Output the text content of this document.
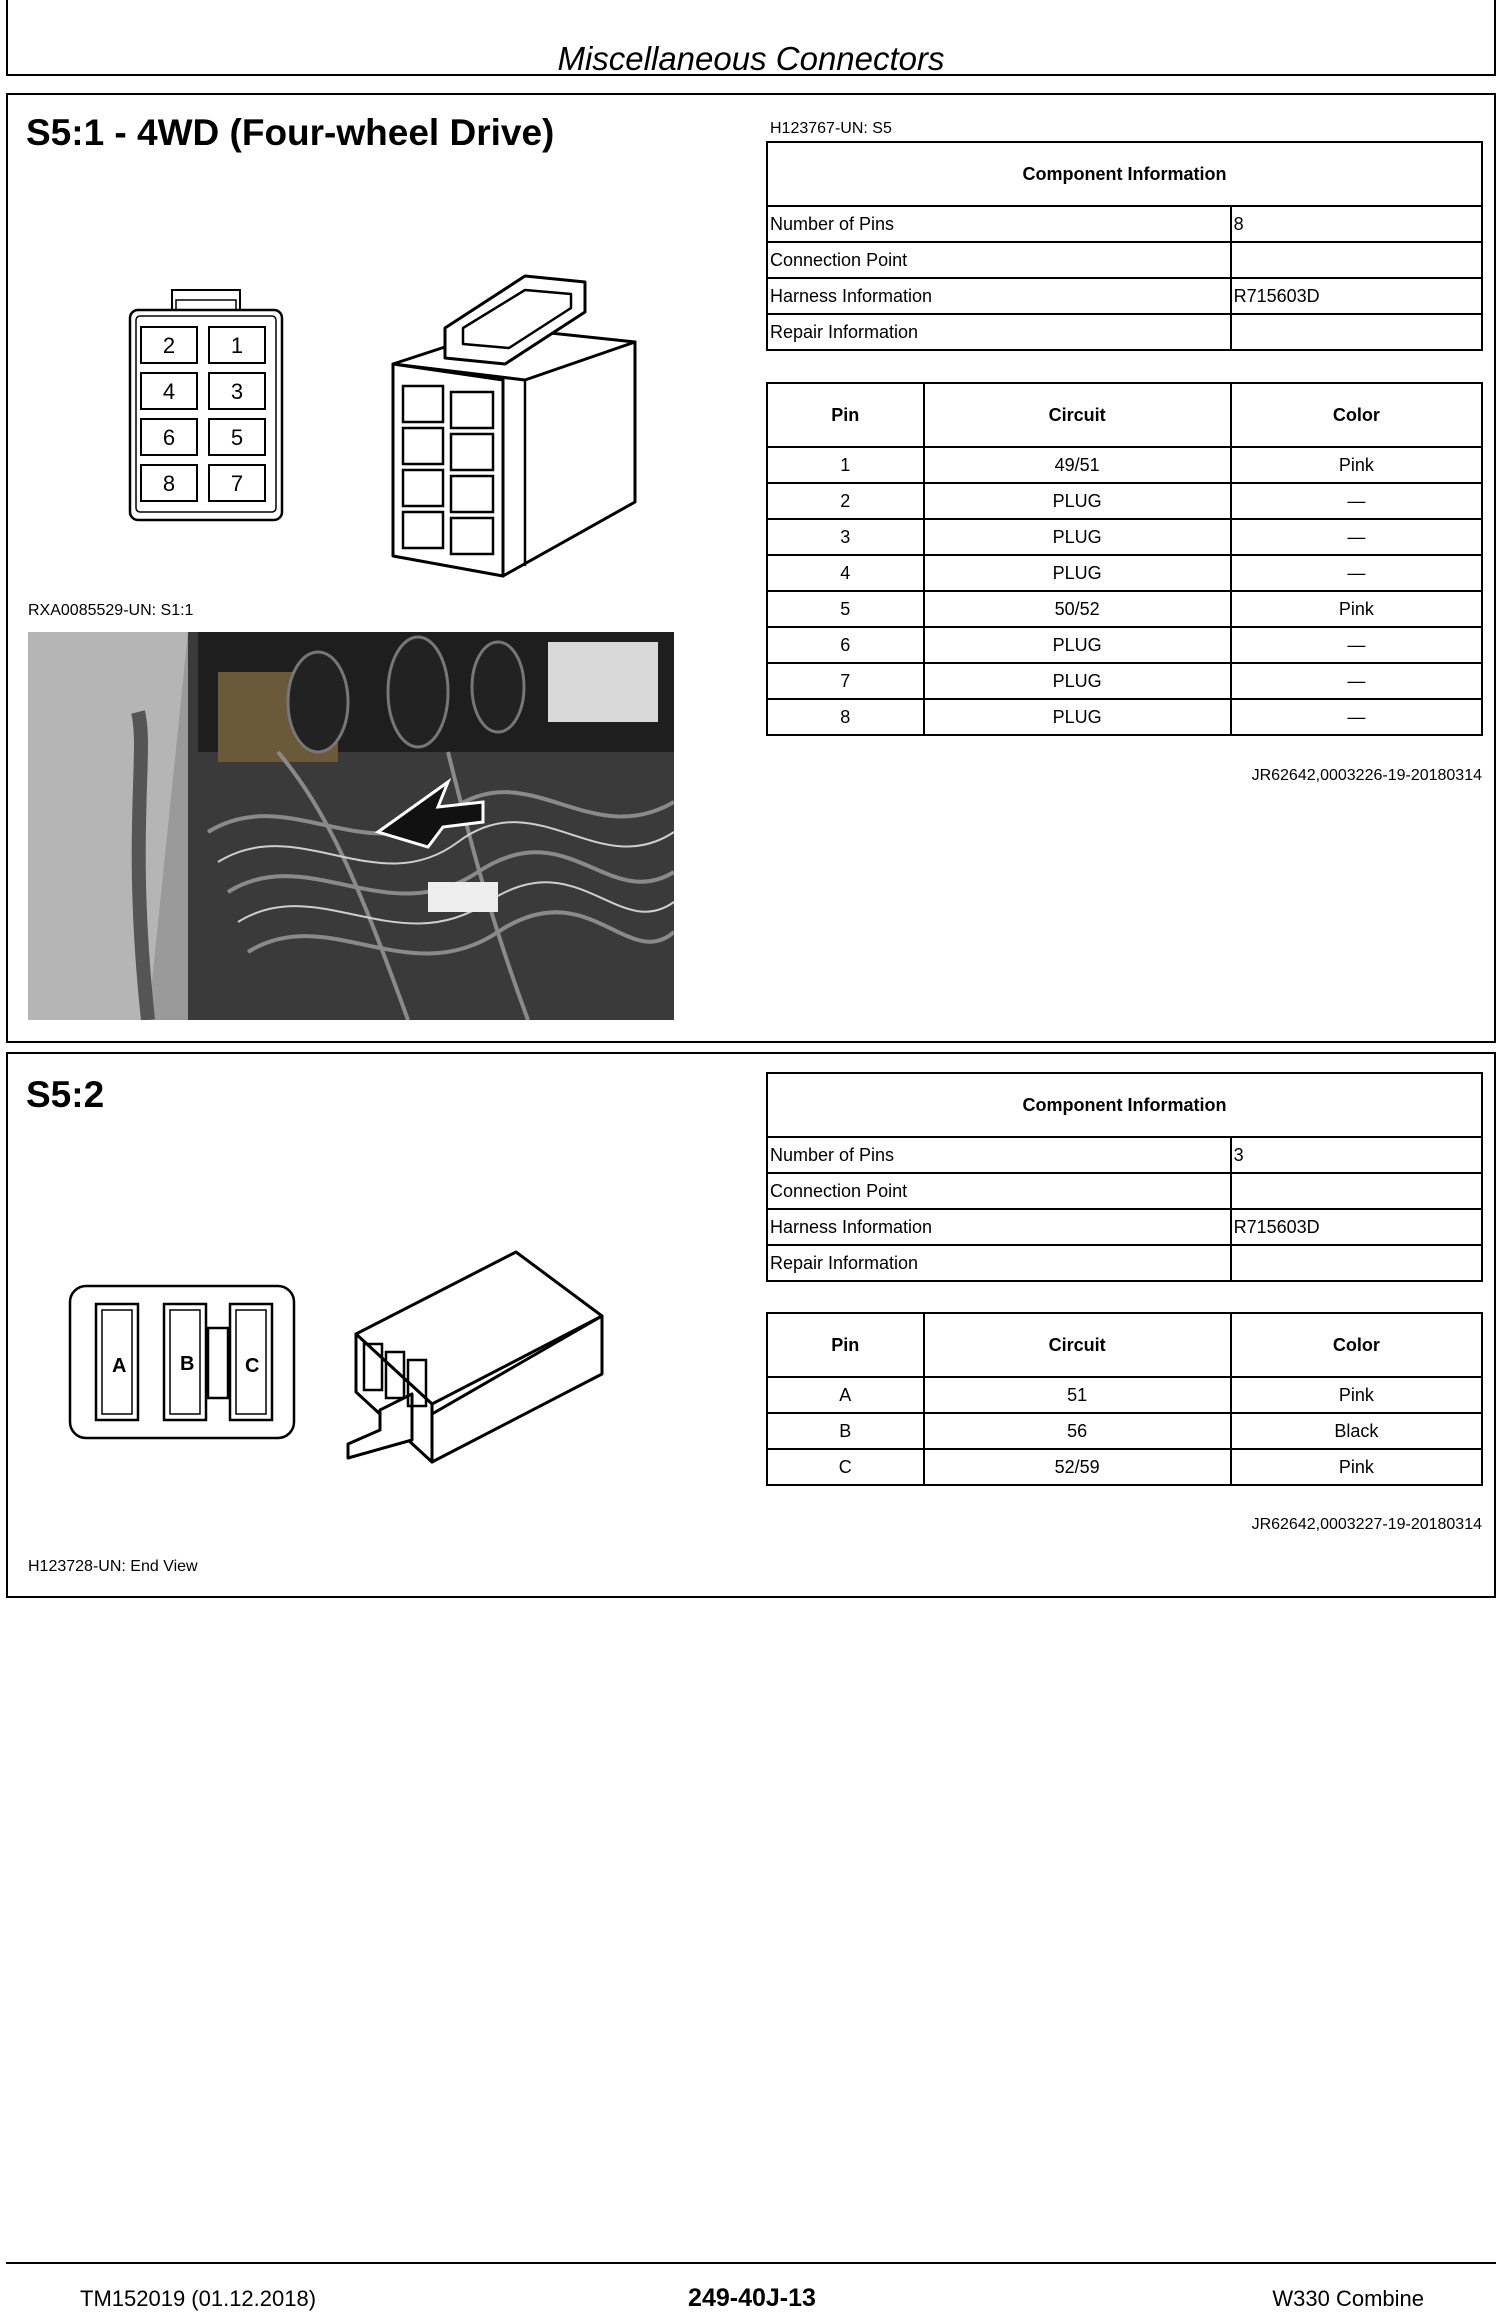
Miscellaneous Connectors
S5:1 - 4WD (Four-wheel Drive)
2	1
4	3
6	5
8	7
RXA0085529-UN: S1:1
H123767-UN: S5
Component Information	
Number of Pins	8
Connection Point	
Harness Information	R715603D
Repair Information	
Pin	Circuit	Color
1	49/51	Pink
2	PLUG	—
3	PLUG	—
4	PLUG	—
5	50/52	Pink
6	PLUG	—
7	PLUG	—
8	PLUG	—
JR62642,0003226-19-20180314
S5:2
A	B	C
H123728-UN: End View
Component Information	
Number of Pins	3
Connection Point	
Harness Information	R715603D
Repair Information	
Pin	Circuit	Color
A	51	Pink
B	56	Black
C	52/59	Pink
JR62642,0003227-19-20180314
TM152019 (01.12.2018)	249-40J-13	W330 Combine
